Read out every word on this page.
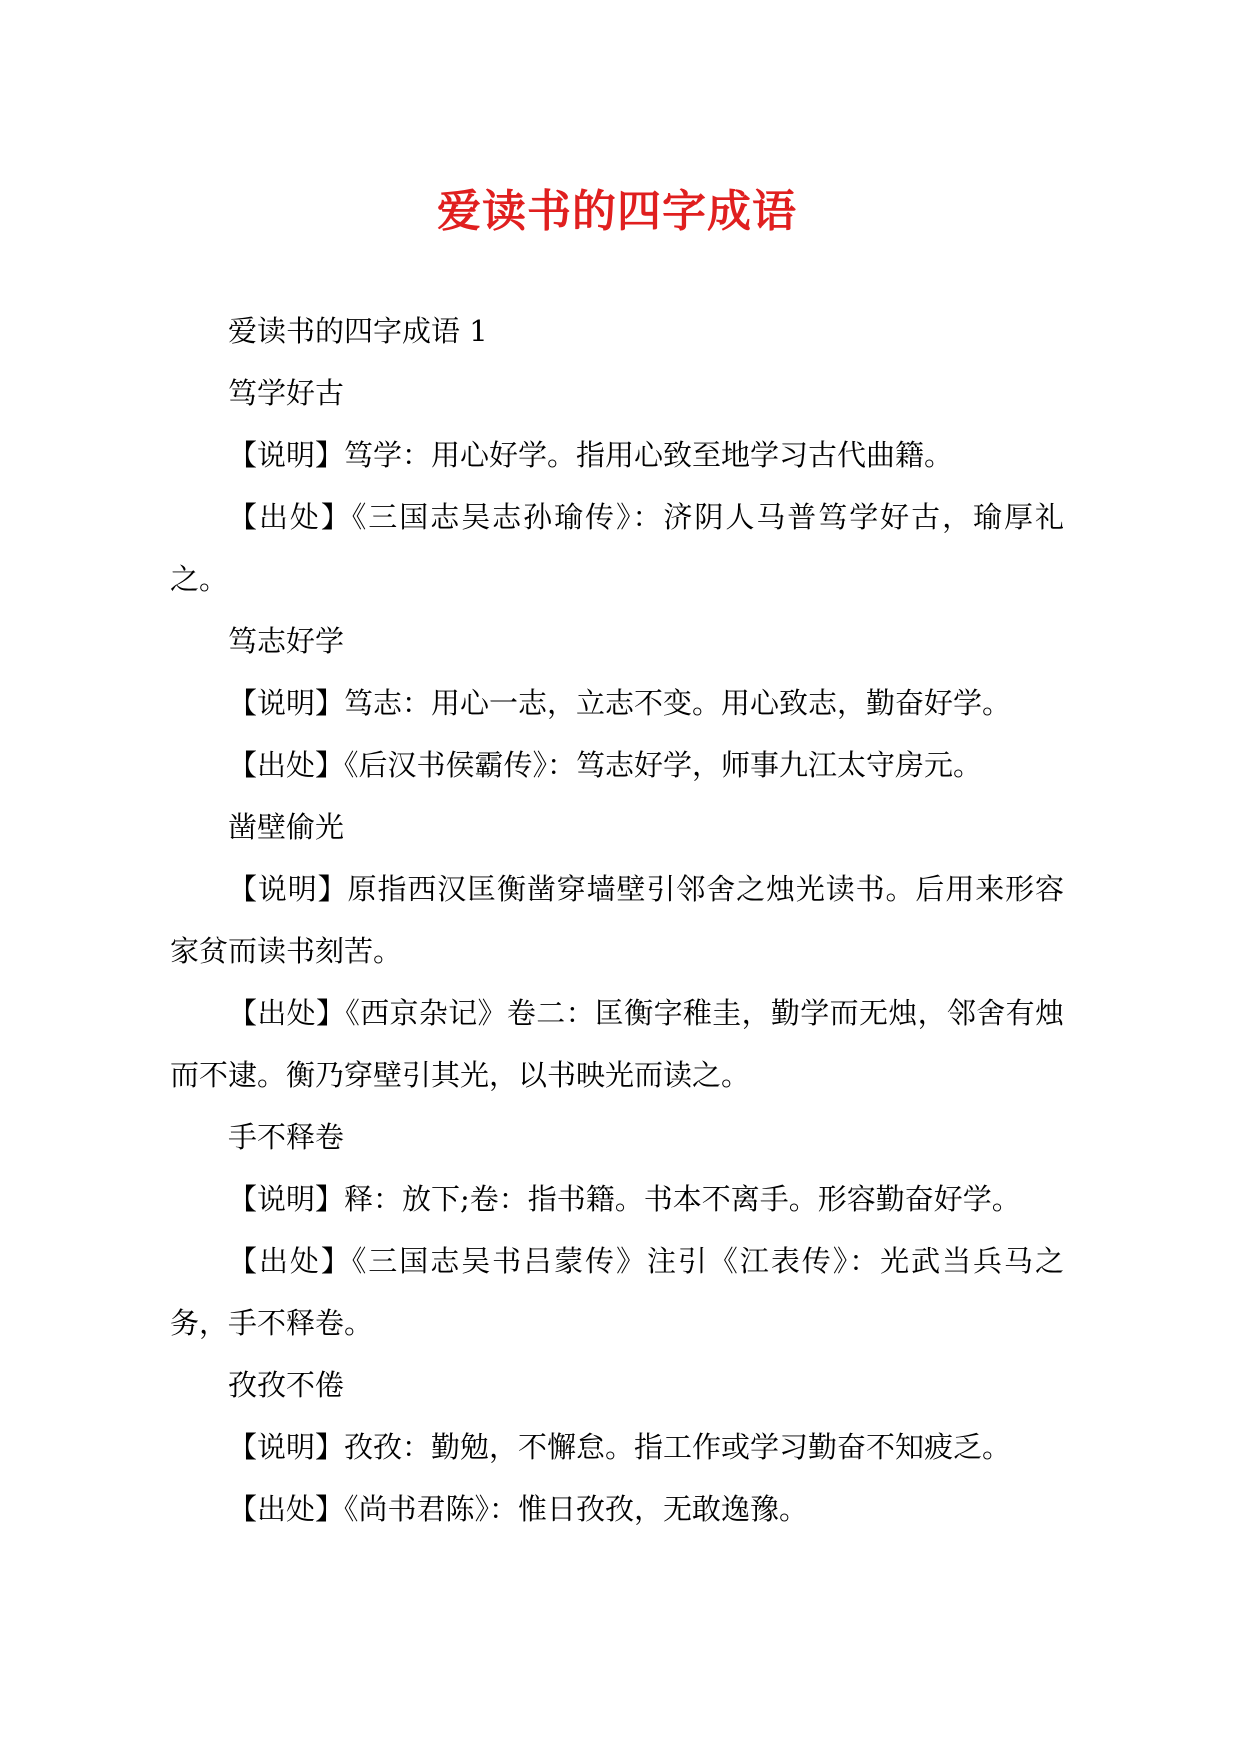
爱读书的四字成语

爱读书的四字成语 1

笃学好古

【说明】笃学：用心好学。指用心致至地学习古代曲籍。

【出处】《三国志吴志孙瑜传》：济阴人马普笃学好古，瑜厚礼之。

笃志好学

【说明】笃志：用心一志，立志不变。用心致志，勤奋好学。

【出处】《后汉书侯霸传》：笃志好学，师事九江太守房元。

凿壁偷光

【说明】原指西汉匡衡凿穿墙壁引邻舍之烛光读书。后用来形容家贫而读书刻苦。

【出处】《西京杂记》卷二：匡衡字稚圭，勤学而无烛，邻舍有烛而不逮。衡乃穿壁引其光，以书映光而读之。

手不释卷

【说明】释：放下;卷：指书籍。书本不离手。形容勤奋好学。

【出处】《三国志吴书吕蒙传》注引《江表传》：光武当兵马之务，手不释卷。

孜孜不倦

【说明】孜孜：勤勉，不懈怠。指工作或学习勤奋不知疲乏。

【出处】《尚书君陈》：惟日孜孜，无敢逸豫。
